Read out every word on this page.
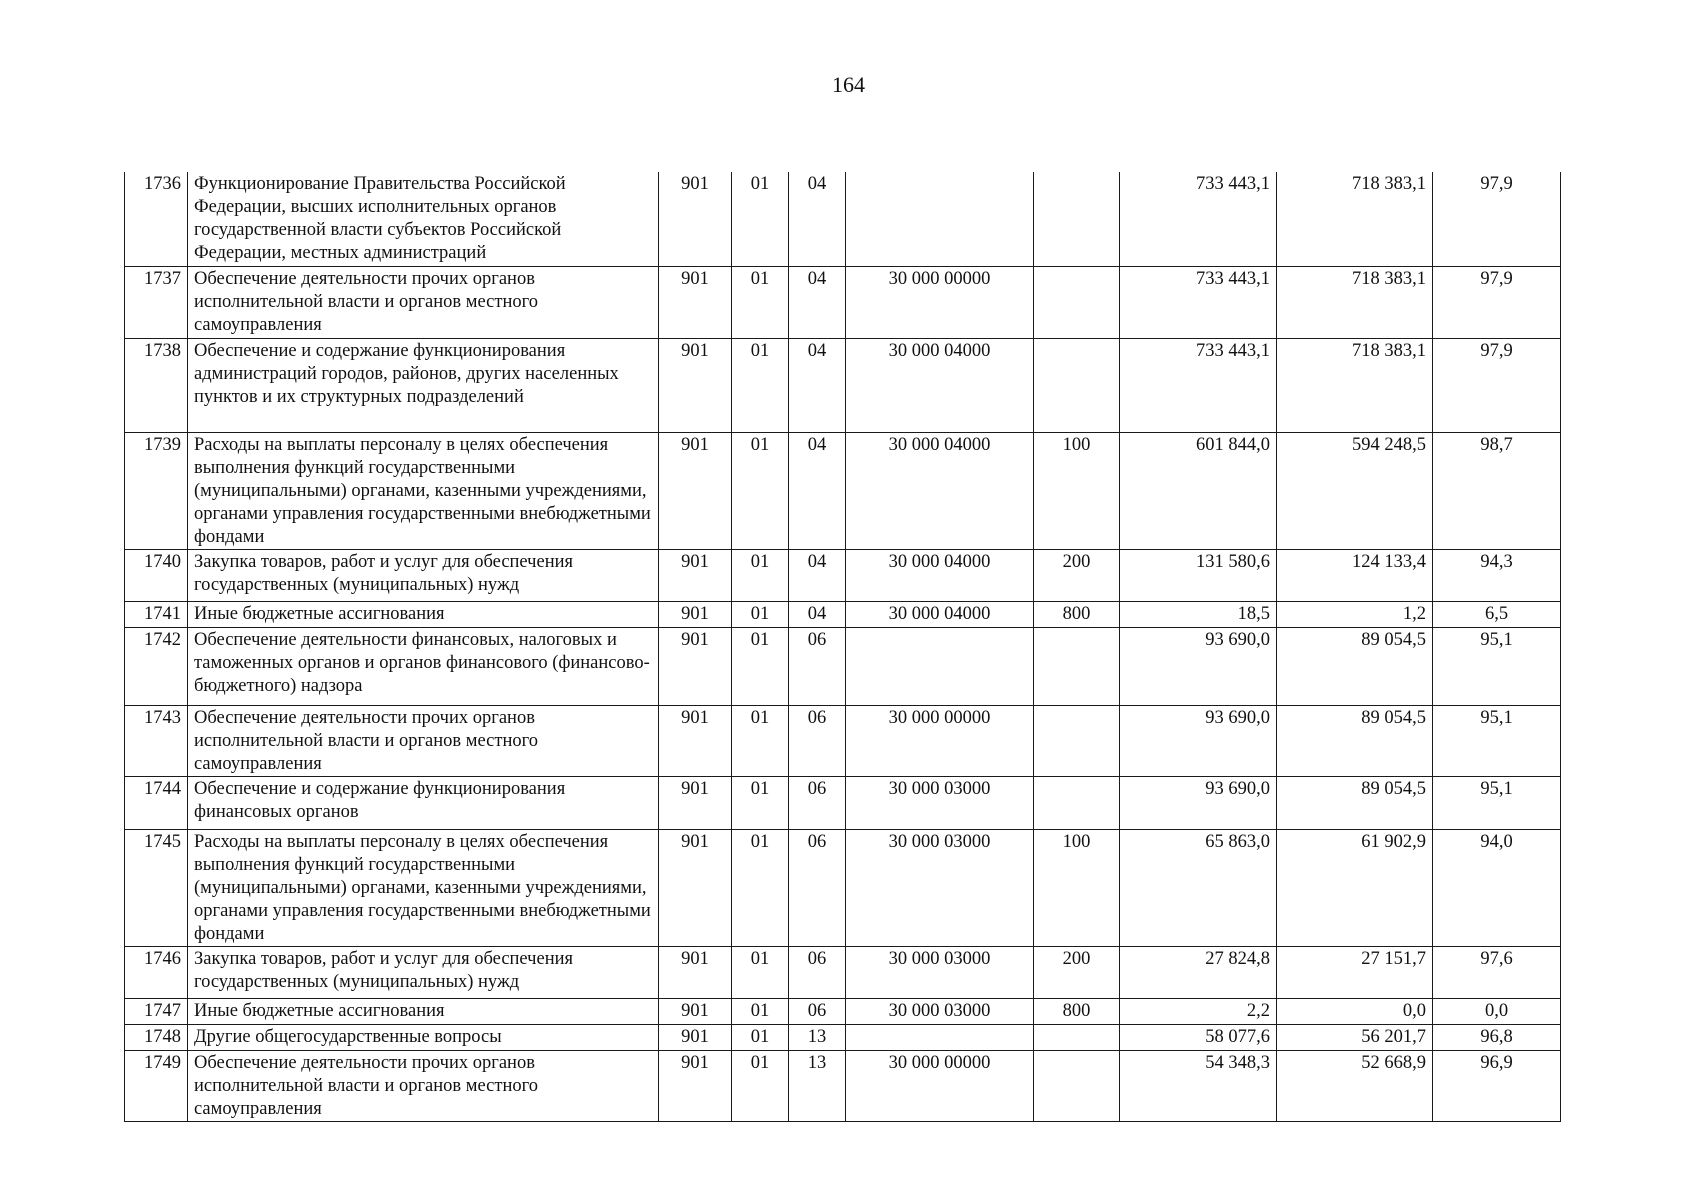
164
1736	Функционирование Правительства Российской Федерации, высших исполнительных органов государственной власти субъектов Российской Федерации, местных администраций	901	01	04			733 443,1	718 383,1	97,9
1737	Обеспечение деятельности прочих органов исполнительной власти и органов местного самоуправления	901	01	04	30 000 00000		733 443,1	718 383,1	97,9
1738	Обеспечение и содержание функционирования администраций городов, районов, других населенных пунктов и их структурных подразделений	901	01	04	30 000 04000		733 443,1	718 383,1	97,9
1739	Расходы на выплаты персоналу в целях обеспечения выполнения функций государственными (муниципальными) органами, казенными учреждениями, органами управления государственными внебюджетными фондами	901	01	04	30 000 04000	100	601 844,0	594 248,5	98,7
1740	Закупка товаров, работ и услуг для обеспечения государственных (муниципальных) нужд	901	01	04	30 000 04000	200	131 580,6	124 133,4	94,3
1741	Иные бюджетные ассигнования	901	01	04	30 000 04000	800	18,5	1,2	6,5
1742	Обеспечение деятельности финансовых, налоговых и таможенных органов и органов финансового (финансово-бюджетного) надзора	901	01	06			93 690,0	89 054,5	95,1
1743	Обеспечение деятельности прочих органов исполнительной власти и органов местного самоуправления	901	01	06	30 000 00000		93 690,0	89 054,5	95,1
1744	Обеспечение и содержание функционирования финансовых органов	901	01	06	30 000 03000		93 690,0	89 054,5	95,1
1745	Расходы на выплаты персоналу в целях обеспечения выполнения функций государственными (муниципальными) органами, казенными учреждениями, органами управления государственными внебюджетными фондами	901	01	06	30 000 03000	100	65 863,0	61 902,9	94,0
1746	Закупка товаров, работ и услуг для обеспечения государственных (муниципальных) нужд	901	01	06	30 000 03000	200	27 824,8	27 151,7	97,6
1747	Иные бюджетные ассигнования	901	01	06	30 000 03000	800	2,2	0,0	0,0
1748	Другие общегосударственные вопросы	901	01	13			58 077,6	56 201,7	96,8
1749	Обеспечение деятельности прочих органов исполнительной власти и органов местного самоуправления	901	01	13	30 000 00000		54 348,3	52 668,9	96,9
